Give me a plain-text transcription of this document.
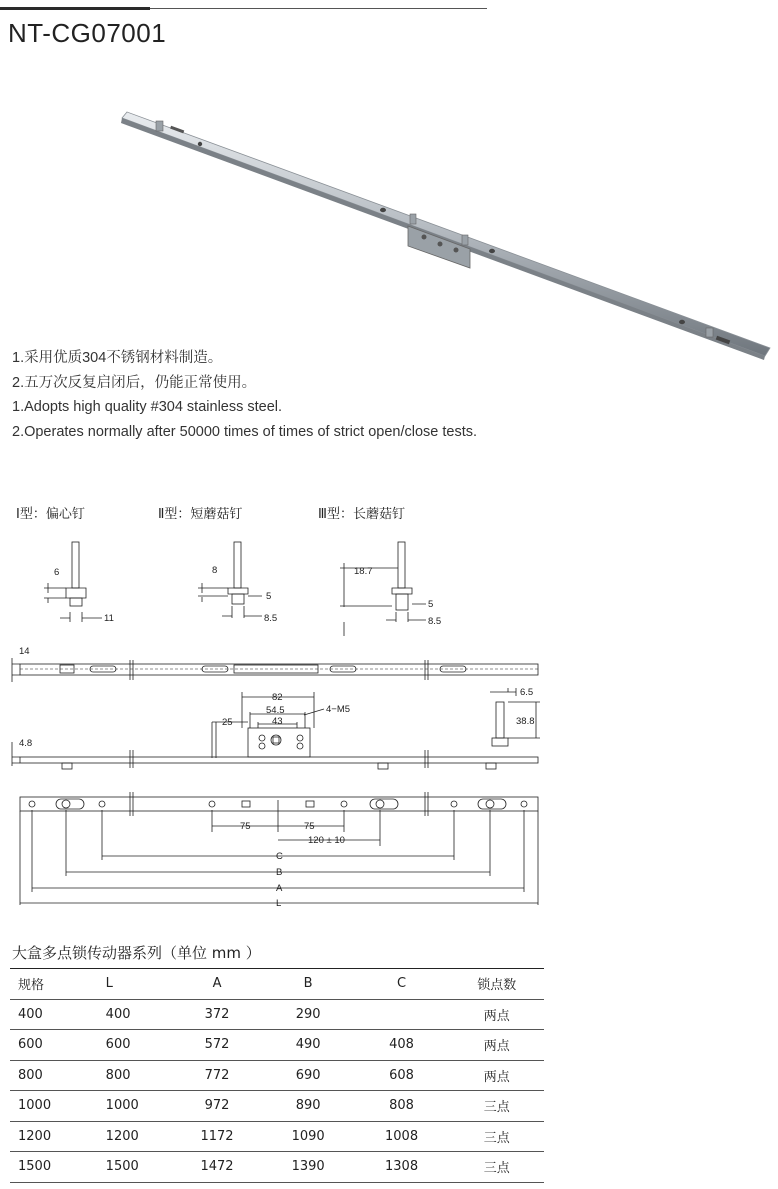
NT-CG07001
1.采用优质304不锈钢材料制造。
2.五万次反复启闭后，仍能正常使用。
1.Adopts high quality #304 stainless steel.
2.Operates normally after 50000 times of times of strict open/close tests.
Ⅰ型：偏心钉	Ⅱ型：短蘑菇钉	Ⅲ型：长蘑菇钉
6
11
8
5
8.5
18.7
5
8.5
14
4.8
82
54.5
43
25
4−M5
6.5
38.8
75	75
120 ± 10
C
B
A
L
大盒多点锁传动器系列（单位 mm ）
规格	L	A	B	C	锁点数
400	400	372	290		两点
600	600	572	490	408	两点
800	800	772	690	608	两点
1000	1000	972	890	808	三点
1200	1200	1172	1090	1008	三点
1500	1500	1472	1390	1308	三点
